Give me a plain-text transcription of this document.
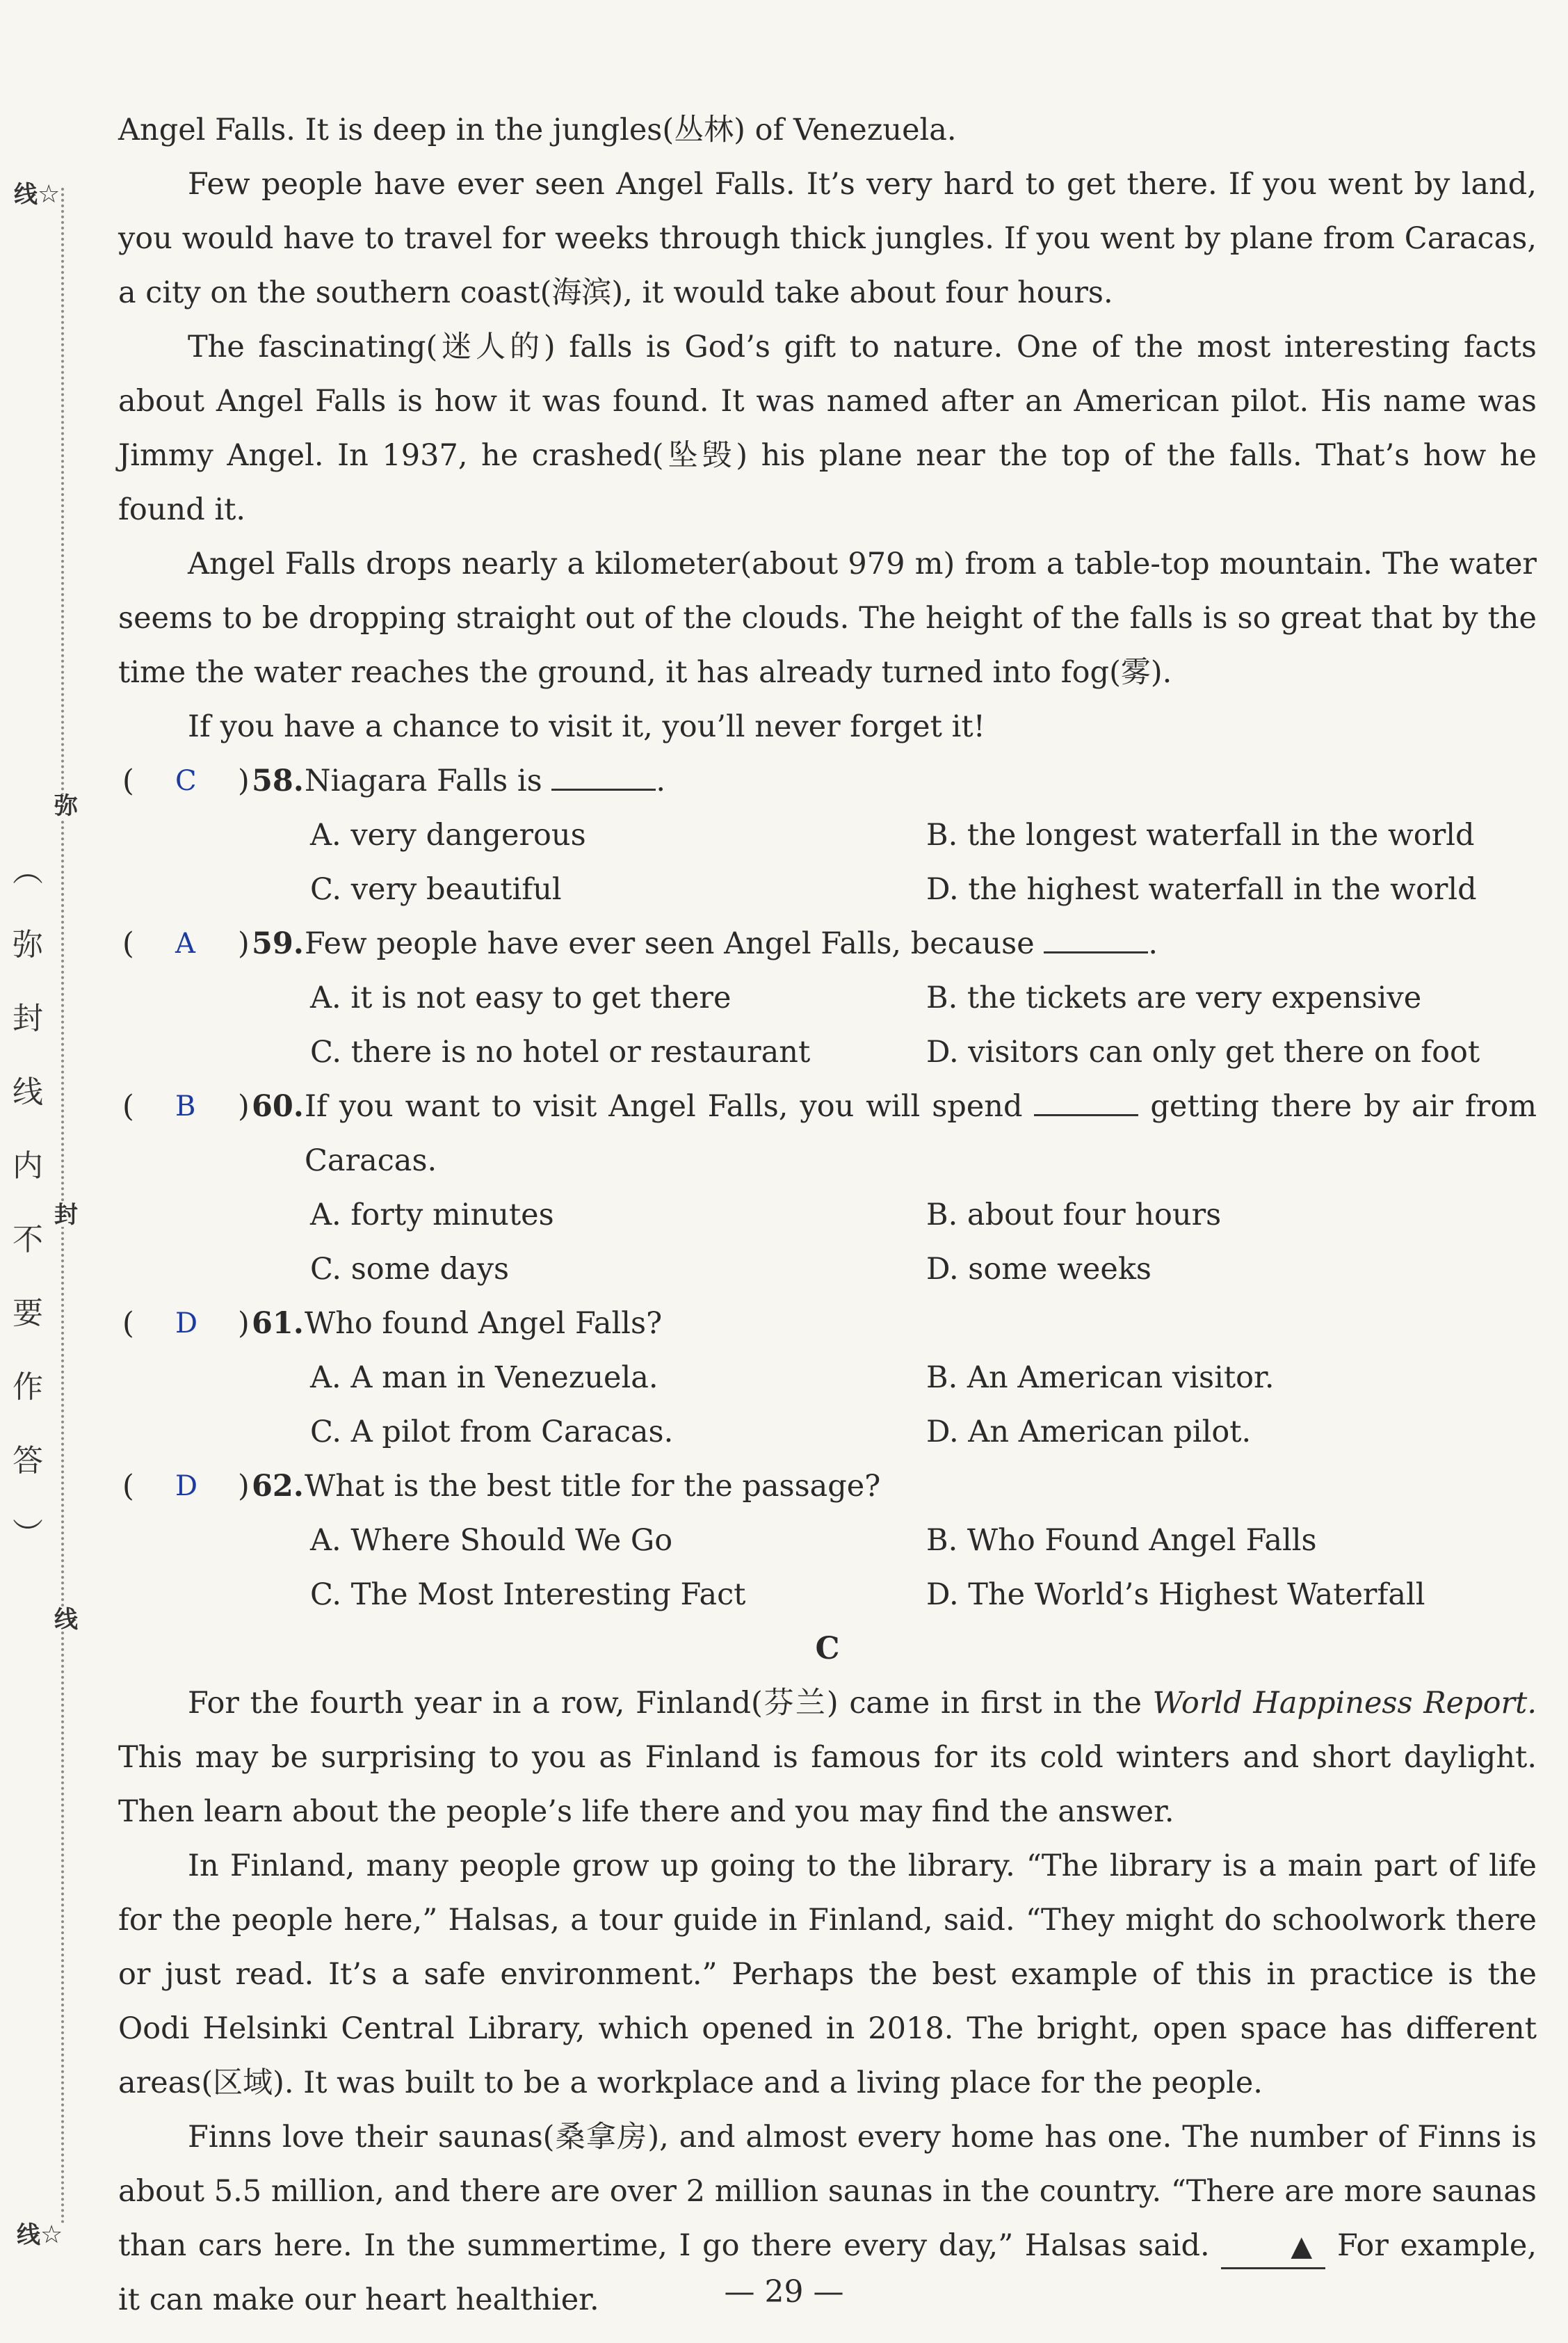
线☆
弥
封
线
线☆
︵
弥
封
线
内
不
要
作
答
︶

Angel Falls. It is deep in the jungles(丛林) of Venezuela.

Few people have ever seen Angel Falls. It’s very hard to get there. If you went by land, you would have to travel for weeks through thick jungles. If you went by plane from Caracas, a city on the southern coast(海滨), it would take about four hours.

The fascinating(迷人的) falls is God’s gift to nature. One of the most interesting facts about Angel Falls is how it was found. It was named after an American pilot. His name was Jimmy Angel. In 1937, he crashed(坠毁) his plane near the top of the falls. That’s how he found it.

Angel Falls drops nearly a kilometer(about 979 m) from a table-top mountain. The water seems to be dropping straight out of the clouds. The height of the falls is so great that by the time the water reaches the ground, it has already turned into fog(雾).

If you have a chance to visit it, you’ll never forget it!

( C ) 58. Niagara Falls is	.
A. very dangerous	B. the longest waterfall in the world
C. very beautiful	D. the highest waterfall in the world
( A ) 59. Few people have ever seen Angel Falls, because	.
A. it is not easy to get there	B. the tickets are very expensive
C. there is no hotel or restaurant	D. visitors can only get there on foot
( B ) 60. If you want to visit Angel Falls, you will spend	getting there by air from Caracas.
A. forty minutes	B. about four hours
C. some days	D. some weeks
( D ) 61. Who found Angel Falls?
A. A man in Venezuela.	B. An American visitor.
C. A pilot from Caracas.	D. An American pilot.
( D ) 62. What is the best title for the passage?
A. Where Should We Go	B. Who Found Angel Falls
C. The Most Interesting Fact	D. The World’s Highest Waterfall

C

For the fourth year in a row, Finland(芬兰) came in first in the World Happiness Report. This may be surprising to you as Finland is famous for its cold winters and short daylight. Then learn about the people’s life there and you may find the answer.

In Finland, many people grow up going to the library. “The library is a main part of life for the people here,” Halsas, a tour guide in Finland, said. “They might do schoolwork there or just read. It’s a safe environment.” Perhaps the best example of this in practice is the Oodi Helsinki Central Library, which opened in 2018. The bright, open space has different areas(区域). It was built to be a workplace and a living place for the people.

Finns love their saunas(桑拿房), and almost every home has one. The number of Finns is about 5.5 million, and there are over 2 million saunas in the country. “There are more saunas than cars here. In the summertime, I go there every day,” Halsas said.	▲ For example, it can make our heart healthier.	— 29 —
